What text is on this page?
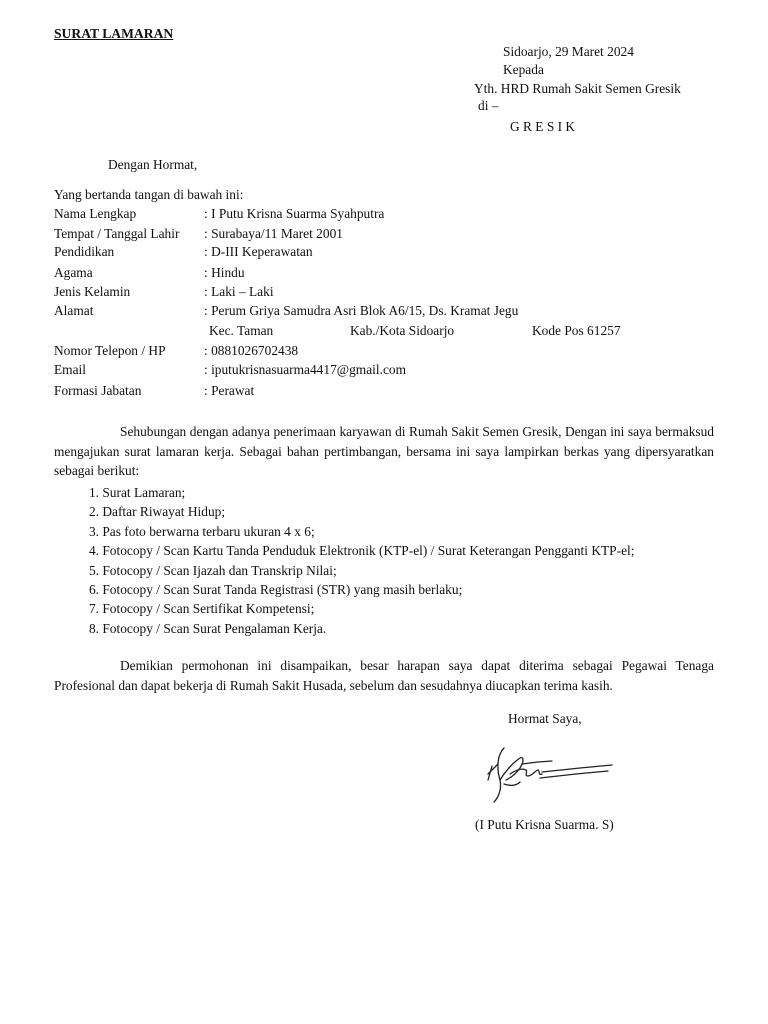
SURAT LAMARAN
Sidoarjo, 29 Maret 2024
Kepada
Yth. HRD Rumah Sakit Semen Gresik
di –
G R E S I K
Dengan Hormat,
Yang bertanda tangan di bawah ini:
Nama Lengkap	: I Putu Krisna Suarma Syahputra
Tempat / Tanggal Lahir : Surabaya/11 Maret 2001
Pendidikan	: D-III Keperawatan
Agama	: Hindu
Jenis Kelamin	: Laki – Laki
Alamat	: Perum Griya Samudra Asri Blok A6/15, Ds. Kramat Jegu
Kec. Taman	Kab./Kota Sidoarjo	Kode Pos 61257
Nomor Telepon / HP	: 0881026702438
Email	: iputukrisnasuarma4417@gmail.com
Formasi Jabatan	: Perawat
Sehubungan dengan adanya penerimaan karyawan di Rumah Sakit Semen Gresik, Dengan ini saya bermaksud mengajukan surat lamaran kerja. Sebagai bahan pertimbangan, bersama ini saya lampirkan berkas yang dipersyaratkan sebagai berikut:
1. Surat Lamaran;
2. Daftar Riwayat Hidup;
3. Pas foto berwarna terbaru ukuran 4 x 6;
4. Fotocopy / Scan Kartu Tanda Penduduk Elektronik (KTP-el) / Surat Keterangan Pengganti KTP-el;
5. Fotocopy / Scan Ijazah dan Transkrip Nilai;
6. Fotocopy / Scan Surat Tanda Registrasi (STR) yang masih berlaku;
7. Fotocopy / Scan Sertifikat Kompetensi;
8. Fotocopy / Scan Surat Pengalaman Kerja.
Demikian permohonan ini disampaikan, besar harapan saya dapat diterima sebagai Pegawai Tenaga Profesional dan dapat bekerja di Rumah Sakit Husada, sebelum dan sesudahnya diucapkan terima kasih.
Hormat Saya,
(I Putu Krisna Suarma. S)
